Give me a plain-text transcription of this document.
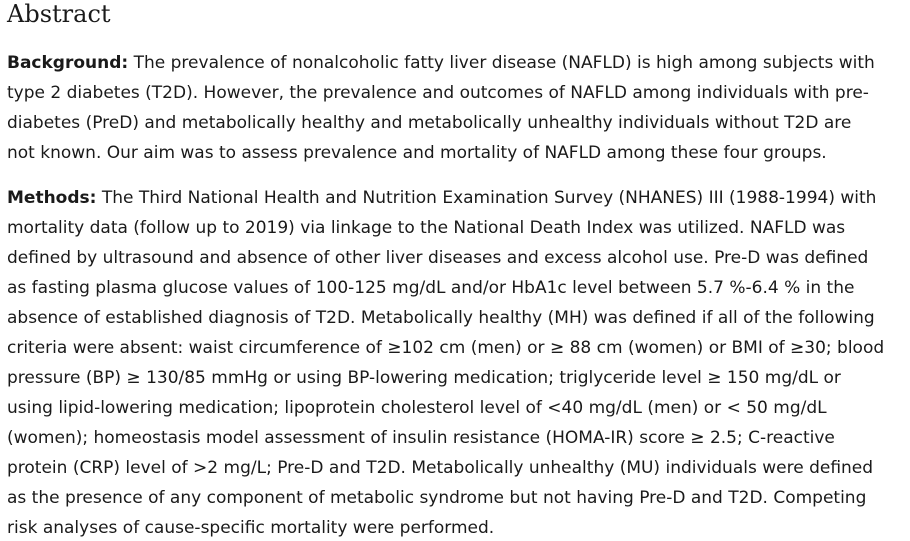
Abstract

Background: The prevalence of nonalcoholic fatty liver disease (NAFLD) is high among subjects with
type 2 diabetes (T2D). However, the prevalence and outcomes of NAFLD among individuals with pre-
diabetes (PreD) and metabolically healthy and metabolically unhealthy individuals without T2D are
not known. Our aim was to assess prevalence and mortality of NAFLD among these four groups.

Methods: The Third National Health and Nutrition Examination Survey (NHANES) III (1988-1994) with
mortality data (follow up to 2019) via linkage to the National Death Index was utilized. NAFLD was
defined by ultrasound and absence of other liver diseases and excess alcohol use. Pre-D was defined
as fasting plasma glucose values of 100-125 mg/dL and/or HbA1c level between 5.7 %-6.4 % in the
absence of established diagnosis of T2D. Metabolically healthy (MH) was defined if all of the following
criteria were absent: waist circumference of ≥102 cm (men) or ≥ 88 cm (women) or BMI of ≥30; blood
pressure (BP) ≥ 130/85 mmHg or using BP-lowering medication; triglyceride level ≥ 150 mg/dL or
using lipid-lowering medication; lipoprotein cholesterol level of <40 mg/dL (men) or < 50 mg/dL
(women); homeostasis model assessment of insulin resistance (HOMA-IR) score ≥ 2.5; C-reactive
protein (CRP) level of >2 mg/L; Pre-D and T2D. Metabolically unhealthy (MU) individuals were defined
as the presence of any component of metabolic syndrome but not having Pre-D and T2D. Competing
risk analyses of cause-specific mortality were performed.
